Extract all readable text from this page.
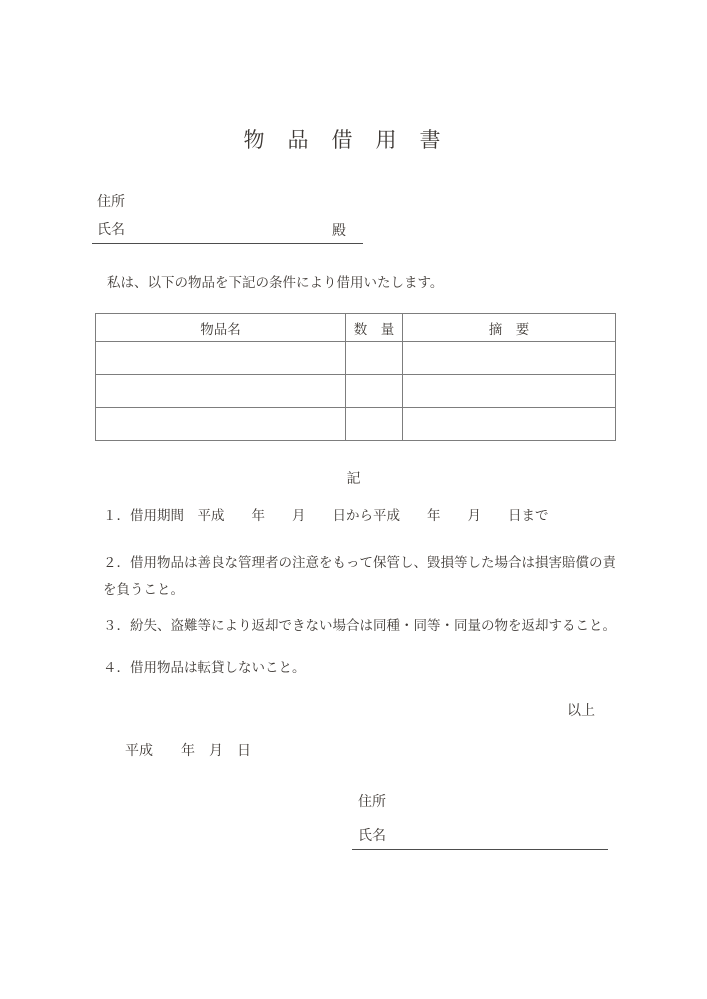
物品借用書
住所
氏名	殿
私は、以下の物品を下記の条件により借用いたします。
物品名	数　量	摘　要

記
１．借用期間　平成　　年　　月　　日から平成　　年　　月　　日まで
２．借用物品は善良な管理者の注意をもって保管し、毀損等した場合は損害賠償の責を負うこと。
３．紛失、盗難等により返却できない場合は同種・同等・同量の物を返却すること。
４．借用物品は転貸しないこと。
以上
平成　　年　月　日
住所
氏名
